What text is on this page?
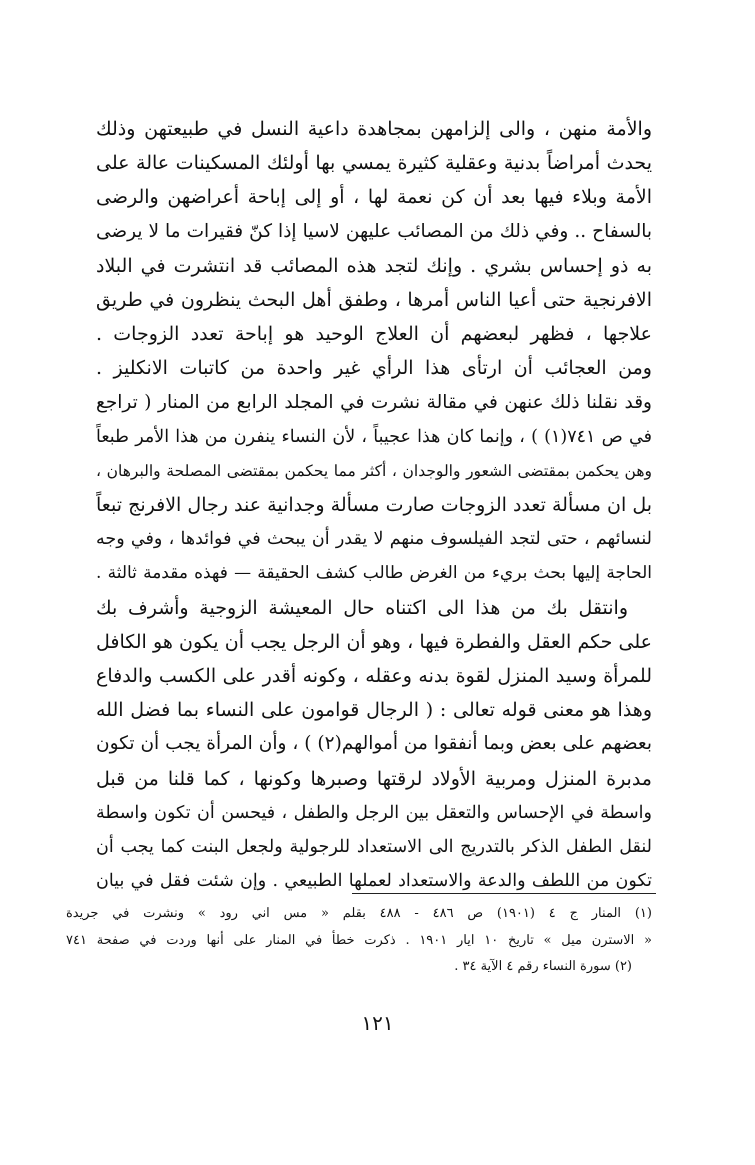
والأمة منهن ، والى إلزامهن بمجاهدة داعية النسل في طبيعتهن وذلك
يحدث أمراضاً بدنية وعقلية كثيرة يمسي بها أولئك المسكينات عالة على
الأمة وبلاء فيها بعد أن كن نعمة لها ، أو إلى إباحة أعراضهن والرضى
بالسفاح .. وفي ذلك من المصائب عليهن لاسيا إذا كنّ فقيرات ما لا يرضى
به ذو إحساس بشري . وإنك لتجد هذه المصائب قد انتشرت في البلاد
الافرنجية حتى أعيا الناس أمرها ، وطفق أهل البحث ينظرون في طريق
علاجها ، فظهر لبعضهم أن العلاج الوحيد هو إباحة تعدد الزوجات .
ومن العجائب أن ارتأى هذا الرأي غير واحدة من كاتبات الانكليز .
وقد نقلنا ذلك عنهن في مقالة نشرت في المجلد الرابع من المنار ( تراجع
في ص ٧٤١(١) ) ، وإنما كان هذا عجيباً ، لأن النساء ينفرن من هذا الأمر طبعاً
وهن يحكمن بمقتضى الشعور والوجدان ، أكثر مما يحكمن بمقتضى المصلحة والبرهان ،
بل ان مسألة تعدد الزوجات صارت مسألة وجدانية عند رجال الافرنج تبعاً
لنسائهم ، حتى لتجد الفيلسوف منهم لا يقدر أن يبحث في فوائدها ، وفي وجه
الحاجة إليها بحث بريء من الغرض طالب كشف الحقيقة — فهذه مقدمة ثالثة .
وانتقل بك من هذا الى اكتناه حال المعيشة الزوجية وأشرف بك
على حكم العقل والفطرة فيها ، وهو أن الرجل يجب أن يكون هو الكافل
للمرأة وسيد المنزل لقوة بدنه وعقله ، وكونه أقدر على الكسب والدفاع
وهذا هو معنى قوله تعالى : ( الرجال قوامون على النساء بما فضل الله
بعضهم على بعض وبما أنفقوا من أموالهم(٢) ) ، وأن المرأة يجب أن تكون
مدبرة المنزل ومربية الأولاد لرقتها وصبرها وكونها ، كما قلنا من قبل
واسطة في الإحساس والتعقل بين الرجل والطفل ، فيحسن أن تكون واسطة
لنقل الطفل الذكر بالتدريج الى الاستعداد للرجولية ولجعل البنت كما يجب أن
تكون من اللطف والدعة والاستعداد لعملها الطبيعي . وإن شئت فقل في بيان
(١) المنار ج ٤ (١٩٠١) ص ٤٨٦ - ٤٨٨ بقلم « مس اني رود » ونشرت في جريدة
« الاسترن ميل » تاريخ ١٠ ايار ١٩٠١ . ذكرت خطأ في المنار على أنها وردت في صفحة ٧٤١
(٢) سورة النساء رقم ٤ الآية ٣٤ .
١٢١
